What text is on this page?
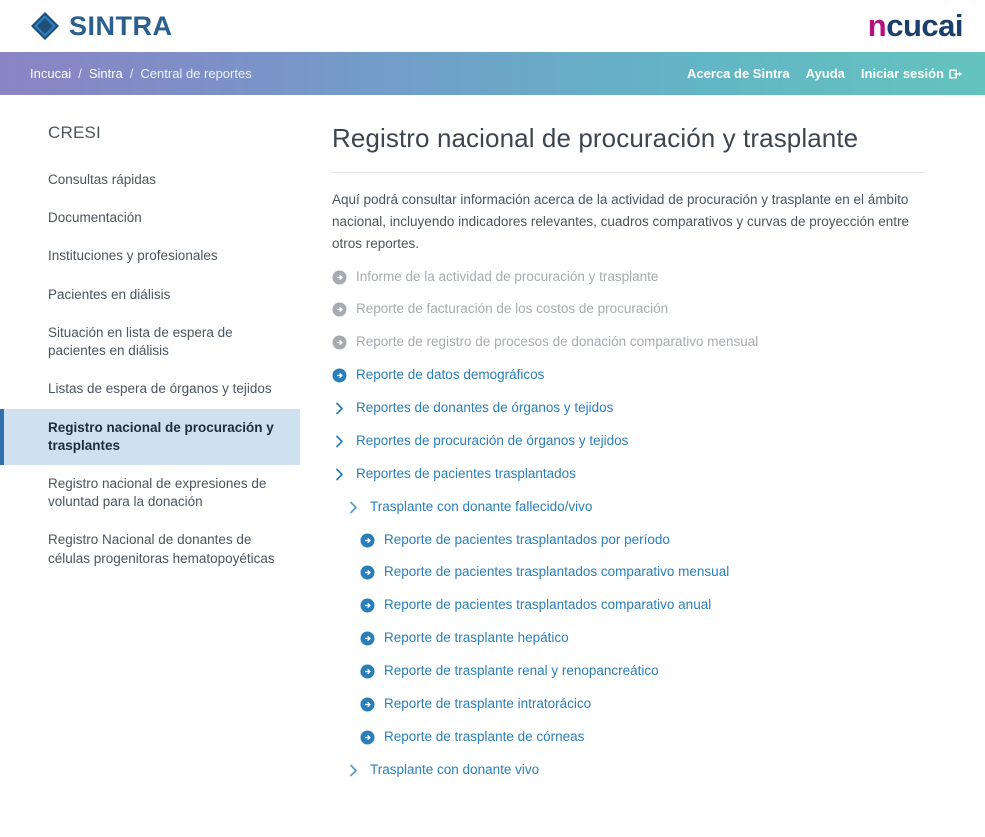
SINTRA	n cucai
Incucai / Sintra / Central de reportes	Acerca de Sintra Ayuda Iniciar sesión
CRESI
Consultas rápidas
Documentación
Instituciones y profesionales
Pacientes en diálisis
Situación en lista de espera de pacientes en diálisis
Listas de espera de órganos y tejidos
Registro nacional de procuración y trasplantes
Registro nacional de expresiones de voluntad para la donación
Registro Nacional de donantes de células progenitoras hematopoyéticas
Registro nacional de procuración y trasplante

Aquí podrá consultar información acerca de la actividad de procuración y trasplante en el ámbito nacional, incluyendo indicadores relevantes, cuadros comparativos y curvas de proyección entre otros reportes.

Informe de la actividad de procuración y trasplante
Reporte de facturación de los costos de procuración
Reporte de registro de procesos de donación comparativo mensual
Reporte de datos demográficos
Reportes de donantes de órganos y tejidos
Reportes de procuración de órganos y tejidos
Reportes de pacientes trasplantados
Trasplante con donante fallecido/vivo
Reporte de pacientes trasplantados por período
Reporte de pacientes trasplantados comparativo mensual
Reporte de pacientes trasplantados comparativo anual
Reporte de trasplante hepático
Reporte de trasplante renal y renopancreático
Reporte de trasplante intratorácico
Reporte de trasplante de córneas
Trasplante con donante vivo
